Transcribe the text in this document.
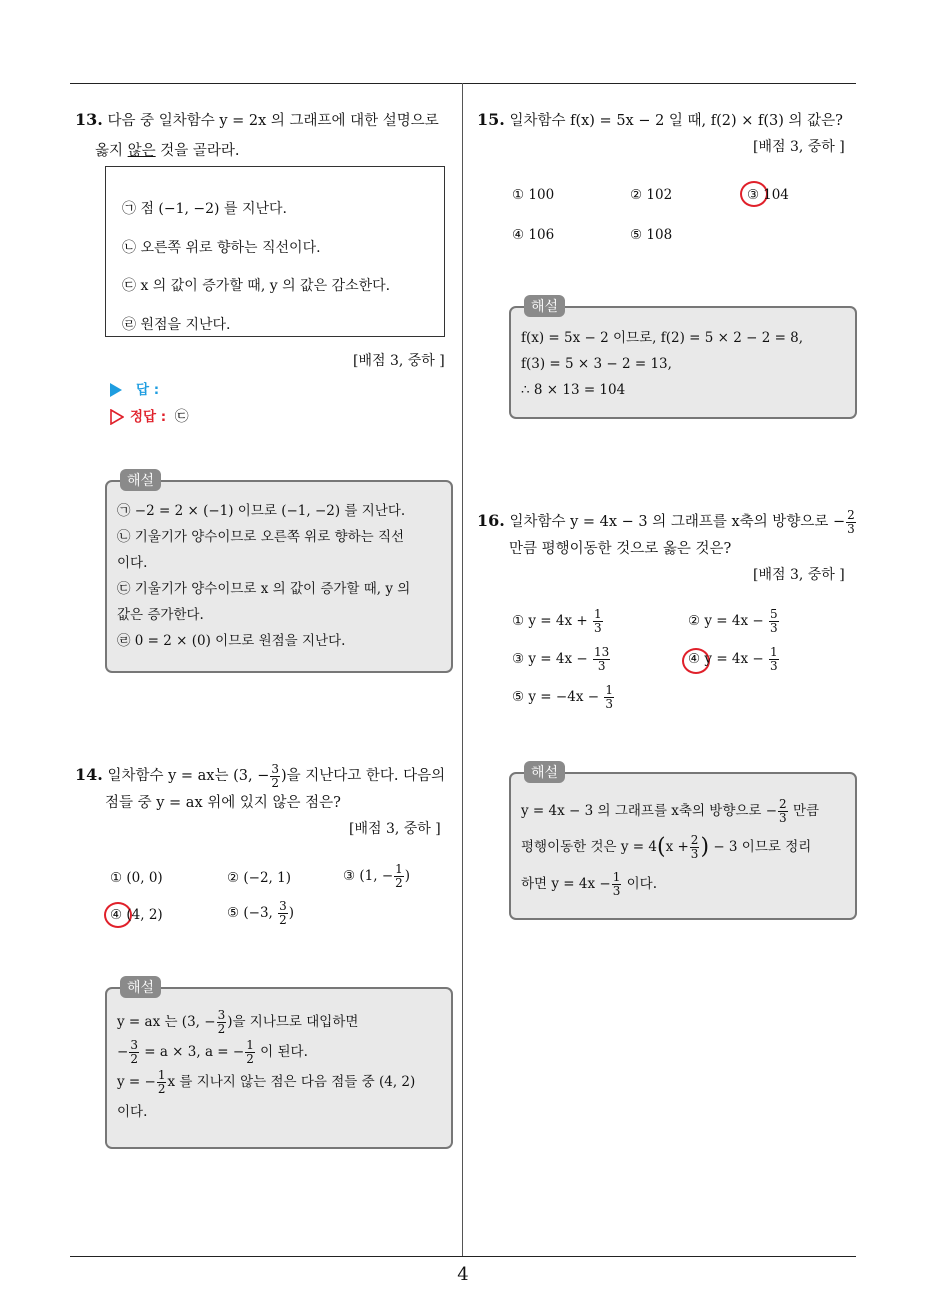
13. 다음 중 일차함수 y = 2x 의 그래프에 대한 설명으로
옳지 않은 것을 골라라.
㉠ 점 (−1, −2) 를 지난다.
㉡ 오른쪽 위로 향하는 직선이다.
㉢ x 의 값이 증가할 때, y 의 값은 감소한다.
㉣ 원점을 지난다.
[배점 3, 중하 ]
답 :
정답 : ㉢
해설
㉠ −2 = 2 × (−1) 이므로 (−1, −2) 를 지난다.
㉡ 기울기가 양수이므로 오른쪽 위로 향하는 직선
이다.
㉢ 기울기가 양수이므로 x 의 값이 증가할 때, y 의
값은 증가한다.
㉣ 0 = 2 × (0) 이므로 원점을 지난다.
14. 일차함수 y = ax는 (3, − $\frac{3}{2}$ )을 지난다고 한다. 다음의
점들 중 y = ax 위에 있지 않은 점은?
[배점 3, 중하 ]
① (0, 0)	② (−2, 1)	③ (1, − $\frac{1}{2}$ )
④ (4, 2)	⑤ (−3, $\frac{3}{2}$ )
해설
y = ax 는 (3, − $\frac{3}{2}$ )을 지나므로 대입하면
− $\frac{3}{2} = a \times 3$, a = − $\frac{1}{2}$ 이 된다.
y = − $\frac{1}{2}$ x 를 지나지 않는 점은 다음 점들 중 (4, 2)
이다.
15. 일차함수 f(x) = 5x − 2 일 때, f(2) × f(3) 의 값은?
[배점 3, 중하 ]
① 100	② 102	③ 104
④ 106	⑤ 108
해설
f(x) = 5x − 2 이므로, f(2) = 5 × 2 − 2 = 8,
f(3) = 5 × 3 − 2 = 13,
∴ 8 × 13 = 104
16. 일차함수 y = 4x − 3 의 그래프를 x축의 방향으로 − $\frac{2}{3}$
만큼 평행이동한 것으로 옳은 것은?
[배점 3, 중하 ]
① $y = 4x + \frac{1}{3}$	② $y = 4x - \frac{5}{3}$
③ $y = 4x - \frac{13}{3}$	④ $y = 4x - \frac{1}{3}$
⑤ $y = -4x - \frac{1}{3}$
해설
y = 4x − 3 의 그래프를 x축의 방향으로 − $\frac{2}{3}$ 만큼
평행이동한 것은 $y = 4(x + \frac{2}{3}$ ) − 3 이므로 정리
하면 $y = 4x - \frac{1}{3}$ 이다.
4
